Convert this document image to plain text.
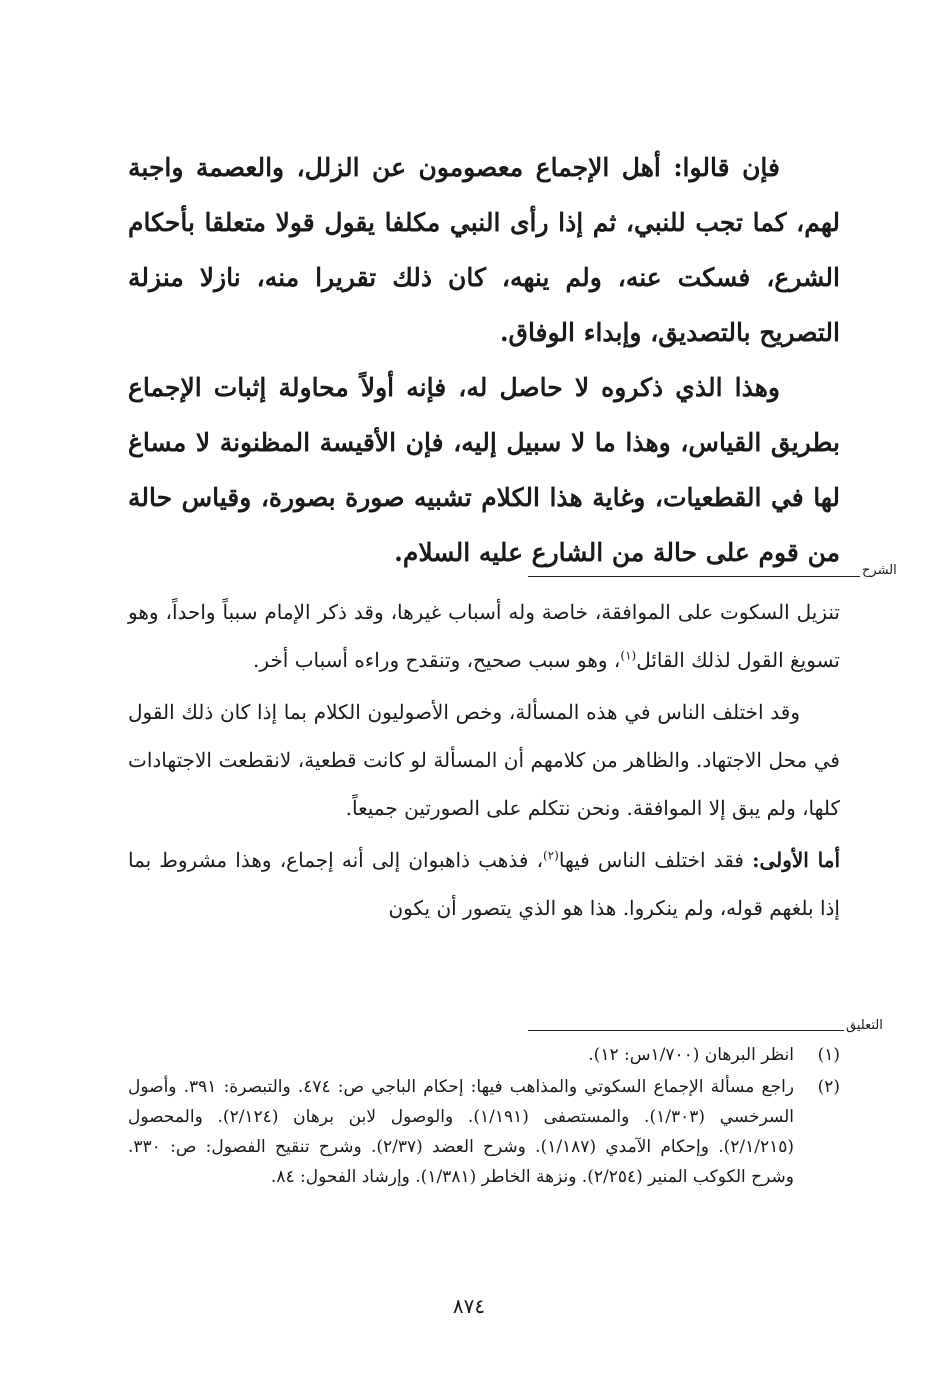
فإن قالوا: أهل الإجماع معصومون عن الزلل، والعصمة واجبة لهم، كما تجب للنبي، ثم إذا رأى النبي مكلفا يقول قولا متعلقا بأحكام الشرع، فسكت عنه، ولم ينهه، كان ذلك تقريرا منه، نازلا منزلة التصريح بالتصديق، وإبداء الوفاق.

وهذا الذي ذكروه لا حاصل له، فإنه أولاً محاولة إثبات الإجماع بطريق القياس، وهذا ما لا سبيل إليه، فإن الأقيسة المظنونة لا مساغ لها في القطعيات، وغاية هذا الكلام تشبيه صورة بصورة، وقياس حالة من قوم على حالة من الشارع عليه السلام.

الشرح

تنزيل السكوت على الموافقة، خاصة وله أسباب غيرها، وقد ذكر الإمام سبباً واحداً، وهو تسويغ القول لذلك القائل$^{(١)}$، وهو سبب صحيح، وتنقدح وراءه أسباب أخر.

وقد اختلف الناس في هذه المسألة، وخص الأصوليون الكلام بما إذا كان ذلك القول في محل الاجتهاد. والظاهر من كلامهم أن المسألة لو كانت قطعية، لانقطعت الاجتهادات كلها، ولم يبق إلا الموافقة. ونحن نتكلم على الصورتين جميعاً.

أما الأولى: فقد اختلف الناس فيها$^{(٢)}$، فذهب ذاهبوان إلى أنه إجماع، وهذا مشروط بما إذا بلغهم قوله، ولم ينكروا. هذا هو الذي يتصور أن يكون

التعليق
(١)
انظر البرهان (١/٧٠٠س: ١٢).
(٢)
راجع مسألة الإجماع السكوتي والمذاهب فيها: إحكام الباجي ص: ٤٧٤. والتبصرة: ٣٩١. وأصول السرخسي (١/٣٠٣). والمستصفى (١/١٩١). والوصول لابن برهان (٢/١٢٤). والمحصول (٢/١/٢١٥). وإحكام الآمدي (١/١٨٧). وشرح العضد (٢/٣٧). وشرح تنقيح الفصول: ص: ٣٣٠. وشرح الكوكب المنير (٢/٢٥٤). ونزهة الخاطر (١/٣٨١). وإرشاد الفحول: ٨٤.
٨٧٤
